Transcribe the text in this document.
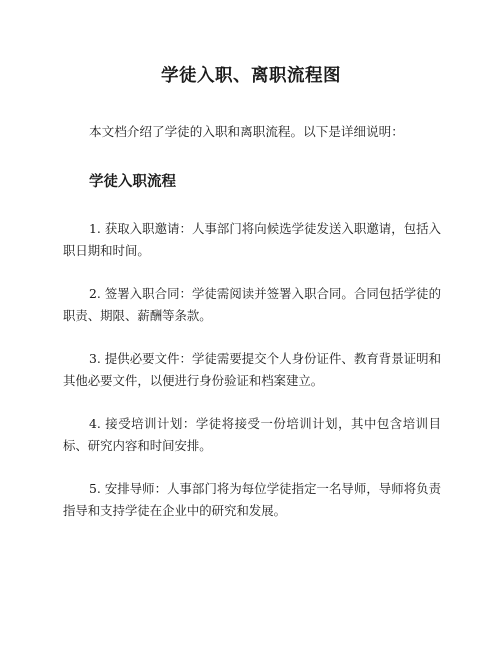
学徒入职、离职流程图

本文档介绍了学徒的入职和离职流程。以下是详细说明：

学徒入职流程
1. 获取入职邀请：人事部门将向候选学徒发送入职邀请，包括入职日期和时间。
2. 签署入职合同：学徒需阅读并签署入职合同。合同包括学徒的职责、期限、薪酬等条款。
3. 提供必要文件：学徒需要提交个人身份证件、教育背景证明和其他必要文件，以便进行身份验证和档案建立。
4. 接受培训计划：学徒将接受一份培训计划，其中包含培训目标、研究内容和时间安排。
5. 安排导师：人事部门将为每位学徒指定一名导师，导师将负责指导和支持学徒在企业中的研究和发展。
